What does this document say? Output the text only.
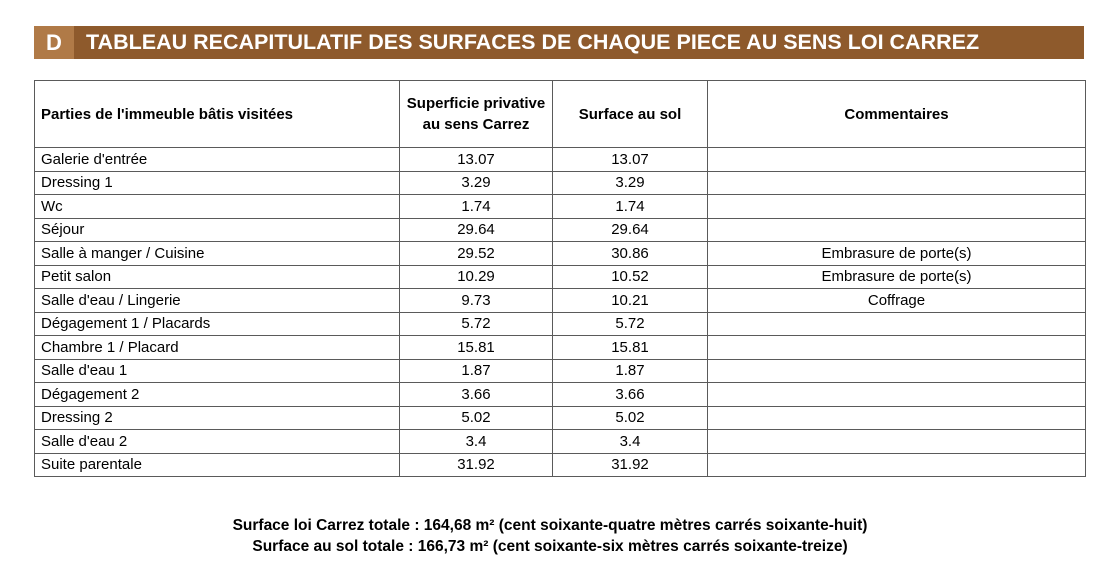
D	TABLEAU RECAPITULATIF DES SURFACES DE CHAQUE PIECE AU SENS LOI CARREZ
Parties de l'immeuble bâtis visitées	Superficie privative au sens Carrez	Surface au sol	Commentaires
Galerie d'entrée	13.07	13.07	
Dressing 1	3.29	3.29	
Wc	1.74	1.74	
Séjour	29.64	29.64	
Salle à manger / Cuisine	29.52	30.86	Embrasure de porte(s)
Petit salon	10.29	10.52	Embrasure de porte(s)
Salle d'eau / Lingerie	9.73	10.21	Coffrage
Dégagement 1 / Placards	5.72	5.72	
Chambre 1 / Placard	15.81	15.81	
Salle d'eau 1	1.87	1.87	
Dégagement 2	3.66	3.66	
Dressing 2	5.02	5.02	
Salle d'eau 2	3.4	3.4	
Suite parentale	31.92	31.92	
Surface loi Carrez totale : 164,68 m² (cent soixante-quatre mètres carrés soixante-huit)
Surface au sol totale : 166,73 m² (cent soixante-six mètres carrés soixante-treize)
